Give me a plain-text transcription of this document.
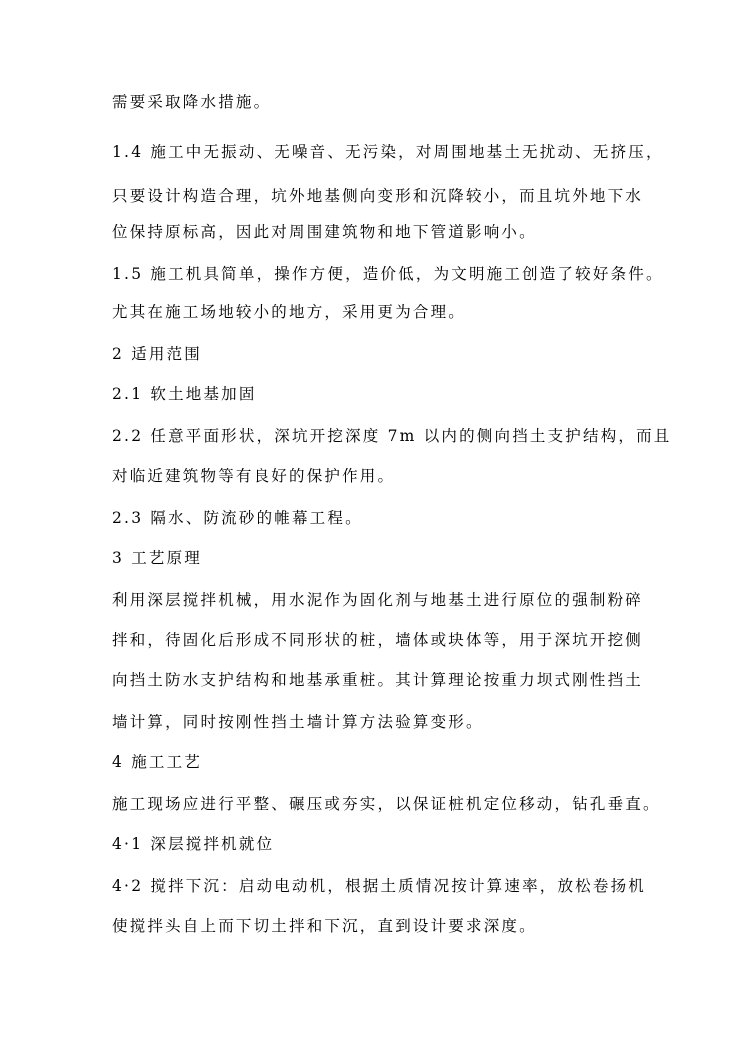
需要采取降水措施。
1.4 施工中无振动、无噪音、无污染，对周围地基土无扰动、无挤压，
只要设计构造合理，坑外地基侧向变形和沉降较小，而且坑外地下水
位保持原标高，因此对周围建筑物和地下管道影响小。
1.5 施工机具简单，操作方便，造价低，为文明施工创造了较好条件。
尤其在施工场地较小的地方，采用更为合理。
2 适用范围
2.1 软土地基加固
2.2 任意平面形状，深坑开挖深度 7m 以内的侧向挡土支护结构，而且
对临近建筑物等有良好的保护作用。
2.3 隔水、防流砂的帷幕工程。
3 工艺原理
利用深层搅拌机械，用水泥作为固化剂与地基土进行原位的强制粉碎
拌和，待固化后形成不同形状的桩，墙体或块体等，用于深坑开挖侧
向挡土防水支护结构和地基承重桩。其计算理论按重力坝式刚性挡土
墙计算，同时按刚性挡土墙计算方法验算变形。
4 施工工艺
施工现场应进行平整、碾压或夯实，以保证桩机定位移动，钻孔垂直。
4·1 深层搅拌机就位
4·2 搅拌下沉：启动电动机，根据土质情况按计算速率，放松卷扬机
使搅拌头自上而下切土拌和下沉，直到设计要求深度。
